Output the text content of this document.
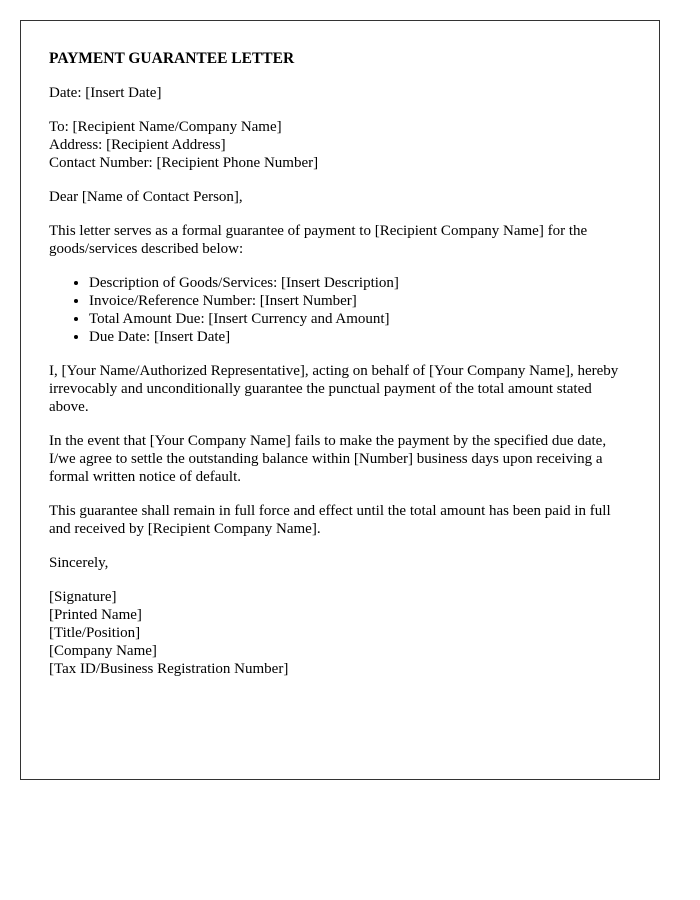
PAYMENT GUARANTEE LETTER

Date: [Insert Date]

To: [Recipient Name/Company Name]
Address: [Recipient Address]
Contact Number: [Recipient Phone Number]

Dear [Name of Contact Person],

This letter serves as a formal guarantee of payment to [Recipient Company Name] for the goods/services described below:

• Description of Goods/Services: [Insert Description]
• Invoice/Reference Number: [Insert Number]
• Total Amount Due: [Insert Currency and Amount]
• Due Date: [Insert Date]

I, [Your Name/Authorized Representative], acting on behalf of [Your Company Name], hereby irrevocably and unconditionally guarantee the punctual payment of the total amount stated above.

In the event that [Your Company Name] fails to make the payment by the specified due date, I/we agree to settle the outstanding balance within [Number] business days upon receiving a formal written notice of default.

This guarantee shall remain in full force and effect until the total amount has been paid in full and received by [Recipient Company Name].

Sincerely,

[Signature]
[Printed Name]
[Title/Position]
[Company Name]
[Tax ID/Business Registration Number]
